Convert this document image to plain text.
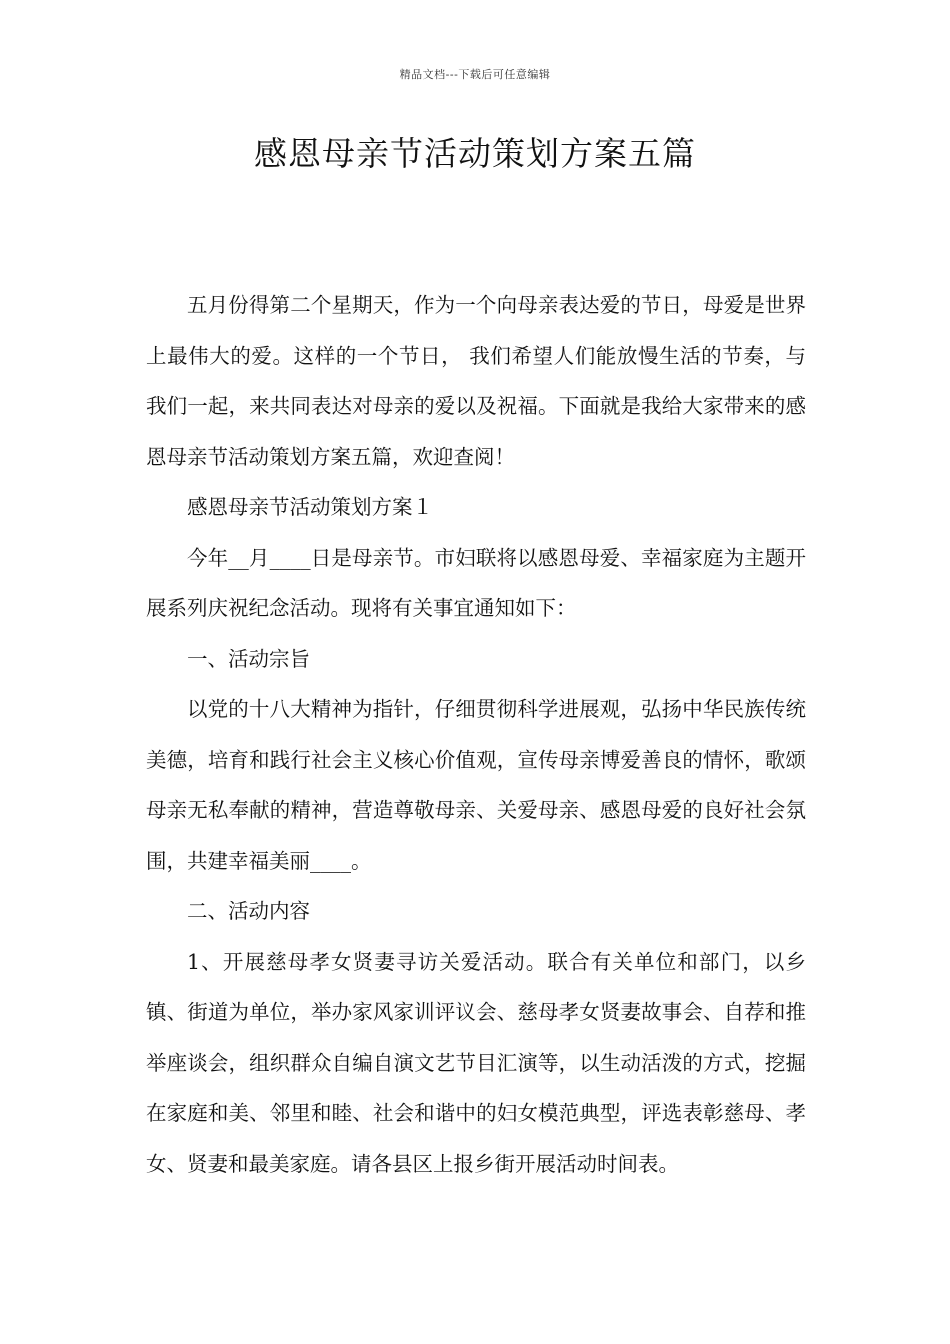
精品文档---下载后可任意编辑
感恩母亲节活动策划方案五篇

五月份得第二个星期天，作为一个向母亲表达爱的节日，母爱是世界上最伟大的爱。这样的一个节日， 我们希望人们能放慢生活的节奏，与我们一起，来共同表达对母亲的爱以及祝福。下面就是我给大家带来的感恩母亲节活动策划方案五篇，欢迎查阅！

感恩母亲节活动策划方案１

今年__月____日是母亲节。市妇联将以感恩母爱、幸福家庭为主题开展系列庆祝纪念活动。现将有关事宜通知如下：

一、活动宗旨

以党的十八大精神为指针，仔细贯彻科学进展观，弘扬中华民族传统美德，培育和践行社会主义核心价值观，宣传母亲博爱善良的情怀，歌颂母亲无私奉献的精神，营造尊敬母亲、关爱母亲、感恩母爱的良好社会氛围，共建幸福美丽____。

二、活动内容

1、开展慈母孝女贤妻寻访关爱活动。联合有关单位和部门，以乡镇、街道为单位，举办家风家训评议会、慈母孝女贤妻故事会、自荐和推举座谈会，组织群众自编自演文艺节目汇演等，以生动活泼的方式，挖掘在家庭和美、邻里和睦、社会和谐中的妇女模范典型，评选表彰慈母、孝女、贤妻和最美家庭。请各县区上报乡街开展活动时间表。
